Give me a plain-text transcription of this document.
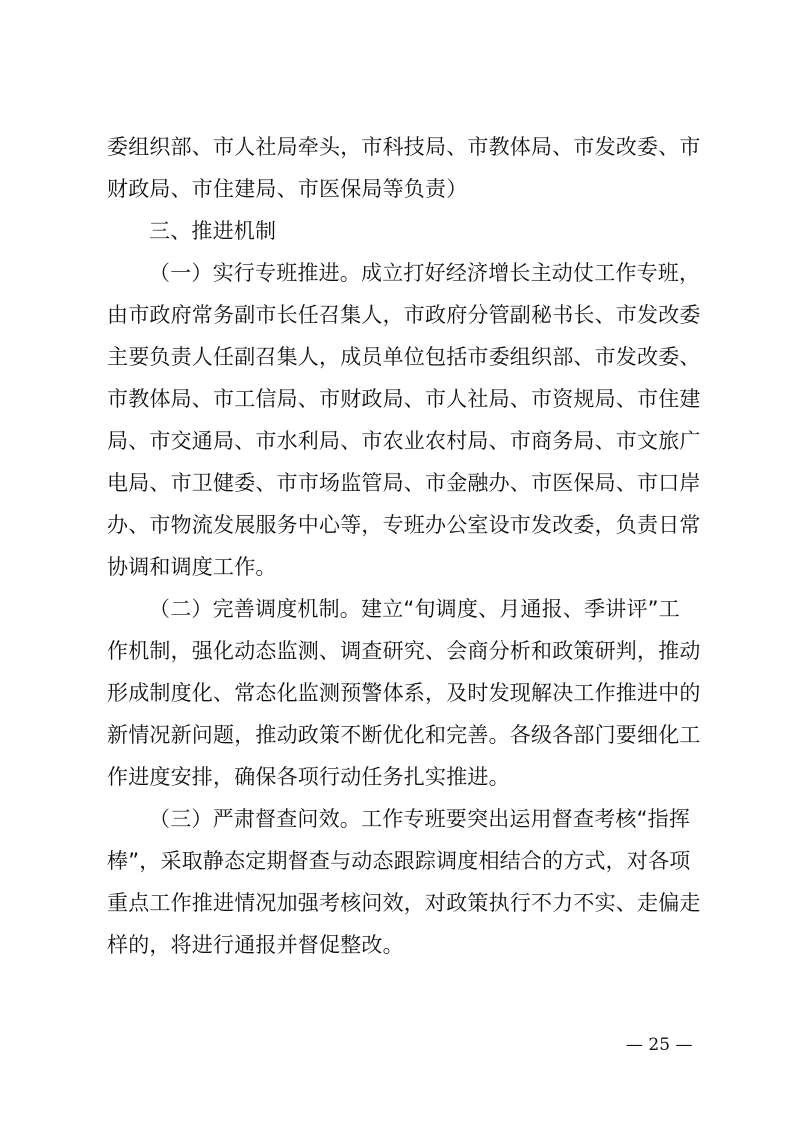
委组织部、市人社局牵头，市科技局、市教体局、市发改委、市
财政局、市住建局、市医保局等负责）
三、推进机制
（一）实行专班推进。成立打好经济增长主动仗工作专班，
由市政府常务副市长任召集人，市政府分管副秘书长、市发改委
主要负责人任副召集人，成员单位包括市委组织部、市发改委、
市教体局、市工信局、市财政局、市人社局、市资规局、市住建
局、市交通局、市水利局、市农业农村局、市商务局、市文旅广
电局、市卫健委、市市场监管局、市金融办、市医保局、市口岸
办、市物流发展服务中心等，专班办公室设市发改委，负责日常
协调和调度工作。
（二）完善调度机制。建立“旬调度、月通报、季讲评”工
作机制，强化动态监测、调查研究、会商分析和政策研判，推动
形成制度化、常态化监测预警体系，及时发现解决工作推进中的
新情况新问题，推动政策不断优化和完善。各级各部门要细化工
作进度安排，确保各项行动任务扎实推进。
（三）严肃督查问效。工作专班要突出运用督查考核“指挥
棒”，采取静态定期督查与动态跟踪调度相结合的方式，对各项
重点工作推进情况加强考核问效，对政策执行不力不实、走偏走
样的，将进行通报并督促整改。
— 25 —
